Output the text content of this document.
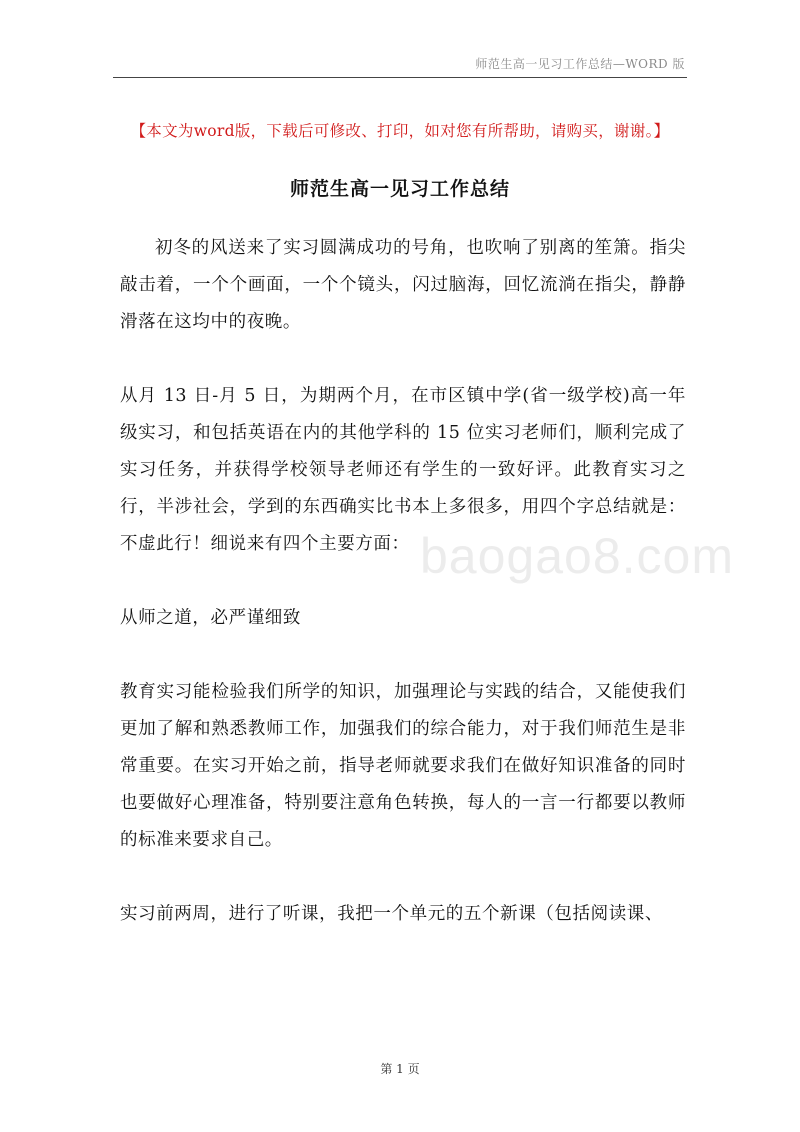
师范生高一见习工作总结—WORD 版
【本文为word版，下载后可修改、打印，如对您有所帮助，请购买，谢谢。】
师范生高一见习工作总结
baogao8.com

初冬的风送来了实习圆满成功的号角，也吹响了别离的笙箫。指尖敲击着，一个个画面，一个个镜头，闪过脑海，回忆流淌在指尖，静静滑落在这均中的夜晚。

从月 13 日-月 5 日，为期两个月，在市区镇中学(省一级学校)高一年级实习，和包括英语在内的其他学科的 15 位实习老师们，顺利完成了实习任务，并获得学校领导老师还有学生的一致好评。此教育实习之行，半涉社会，学到的东西确实比书本上多很多，用四个字总结就是：不虚此行！细说来有四个主要方面：

从师之道，必严谨细致

教育实习能检验我们所学的知识，加强理论与实践的结合，又能使我们更加了解和熟悉教师工作，加强我们的综合能力，对于我们师范生是非常重要。在实习开始之前，指导老师就要求我们在做好知识准备的同时也要做好心理准备，特别要注意角色转换，每人的一言一行都要以教师的标准来要求自己。

实习前两周，进行了听课，我把一个单元的五个新课（包括阅读课、

第 1 页
